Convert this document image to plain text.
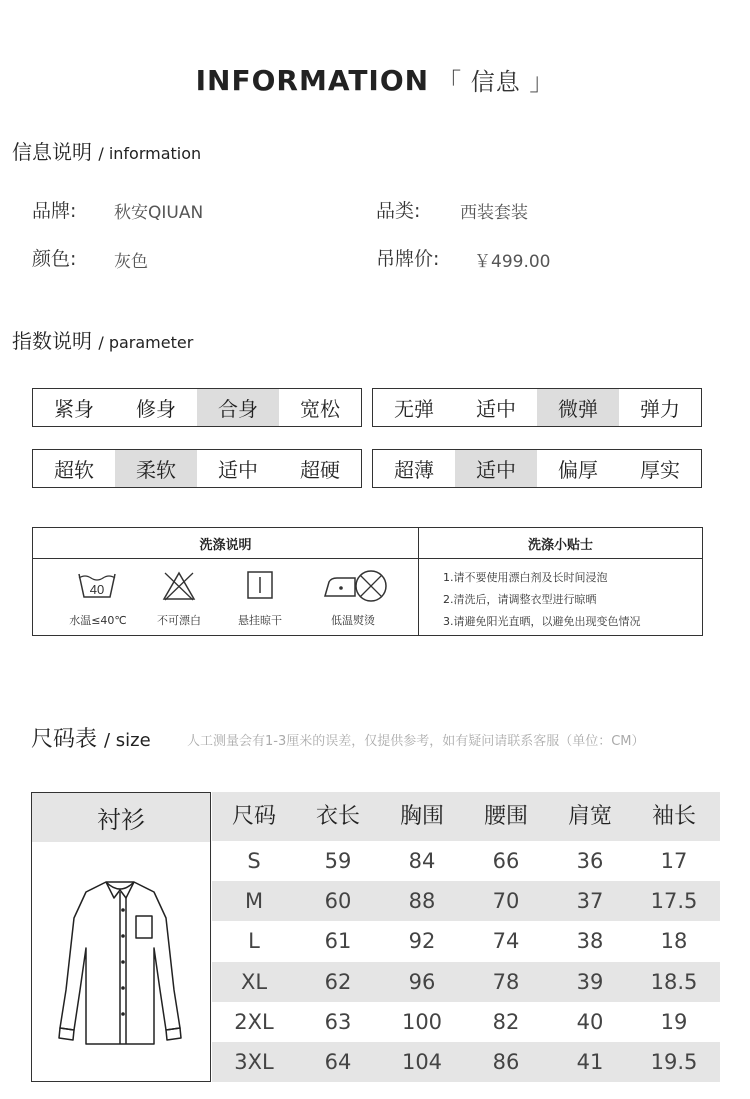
INFORMATION 「 信息 」
信息说明 / information
品牌: 秋安QIUAN	品类: 西装套装
颜色: 灰色	吊牌价: ￥499.00
指数说明 / parameter
紧身	修身	合身	宽松	无弹	适中	微弹	弹力
超软	柔软	适中	超硬	超薄	适中	偏厚	厚实
洗涤说明
40
水温≤40℃	不可漂白	悬挂晾干	低温熨烫
洗涤小贴士
1.请不要使用漂白剂及长时间浸泡
2.清洗后，请调整衣型进行晾晒
3.请避免阳光直晒，以避免出现变色情况
尺码表 / size	人工测量会有1-3厘米的误差，仅提供参考，如有疑问请联系客服（单位：CM）
衬衫	尺码	衣长	胸围	腰围	肩宽	袖长
S	59	84	66	36	17
M	60	88	70	37	17.5
L	61	92	74	38	18
XL	62	96	78	39	18.5
2XL	63	100	82	40	19
3XL	64	104	86	41	19.5
